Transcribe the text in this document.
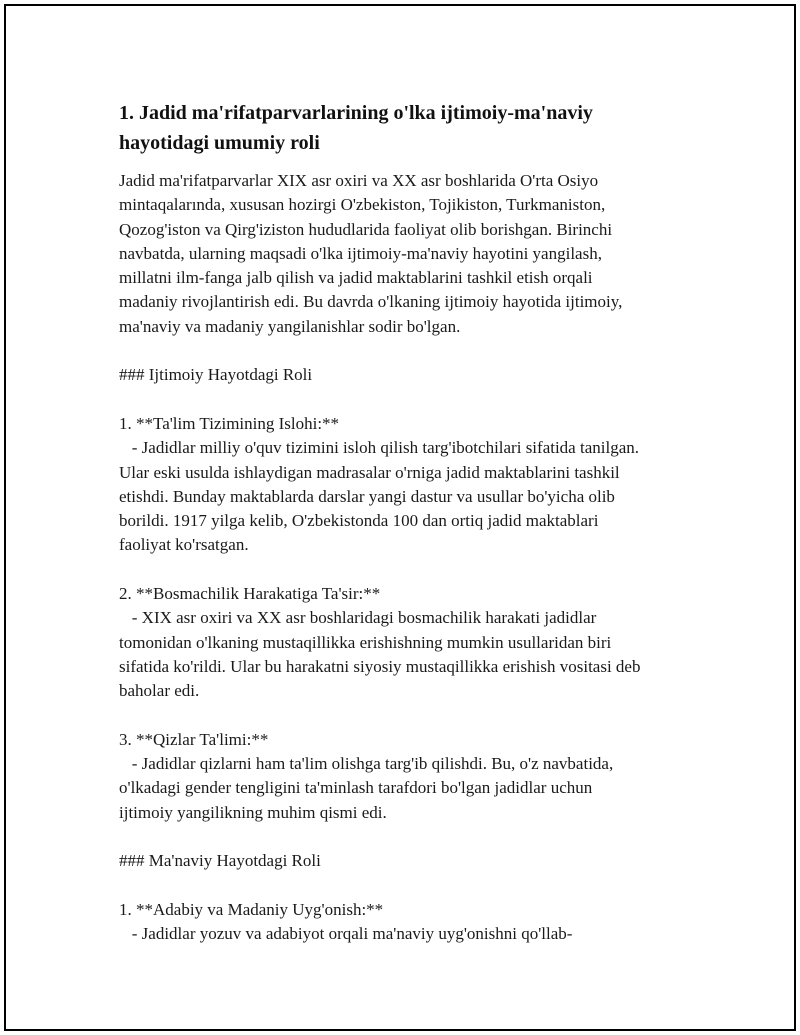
1. Jadid ma'rifatparvarlarining o'lka ijtimoiy-ma'naviy
hayotidagi umumiy roli
Jadid ma'rifatparvarlar XIX asr oxiri va XX asr boshlarida O'rta Osiyo
mintaqalarında, xususan hozirgi O'zbekiston, Tojikiston, Turkmaniston,
Qozog'iston va Qirg'iziston hududlarida faoliyat olib borishgan. Birinchi
navbatda, ularning maqsadi o'lka ijtimoiy-ma'naviy hayotini yangilash,
millatni ilm-fanga jalb qilish va jadid maktablarini tashkil etish orqali
madaniy rivojlantirish edi. Bu davrda o'lkaning ijtimoiy hayotida ijtimoiy,
ma'naviy va madaniy yangilanishlar sodir bo'lgan.
### Ijtimoiy Hayotdagi Roli
1. **Ta'lim Tizimining Islohi:**
- Jadidlar milliy o'quv tizimini isloh qilish targ'ibotchilari sifatida tanilgan.
Ular eski usulda ishlaydigan madrasalar o'rniga jadid maktablarini tashkil
etishdi. Bunday maktablarda darslar yangi dastur va usullar bo'yicha olib
borildi. 1917 yilga kelib, O'zbekistonda 100 dan ortiq jadid maktablari
faoliyat ko'rsatgan.
2. **Bosmachilik Harakatiga Ta'sir:**
- XIX asr oxiri va XX asr boshlaridagi bosmachilik harakati jadidlar
tomonidan o'lkaning mustaqillikka erishishning mumkin usullaridan biri
sifatida ko'rildi. Ular bu harakatni siyosiy mustaqillikka erishish vositasi deb
baholar edi.
3. **Qizlar Ta'limi:**
- Jadidlar qizlarni ham ta'lim olishga targ'ib qilishdi. Bu, o'z navbatida,
o'lkadagi gender tengligini ta'minlash tarafdori bo'lgan jadidlar uchun
ijtimoiy yangilikning muhim qismi edi.
### Ma'naviy Hayotdagi Roli
1. **Adabiy va Madaniy Uyg'onish:**
- Jadidlar yozuv va adabiyot orqali ma'naviy uyg'onishni qo'llab-
